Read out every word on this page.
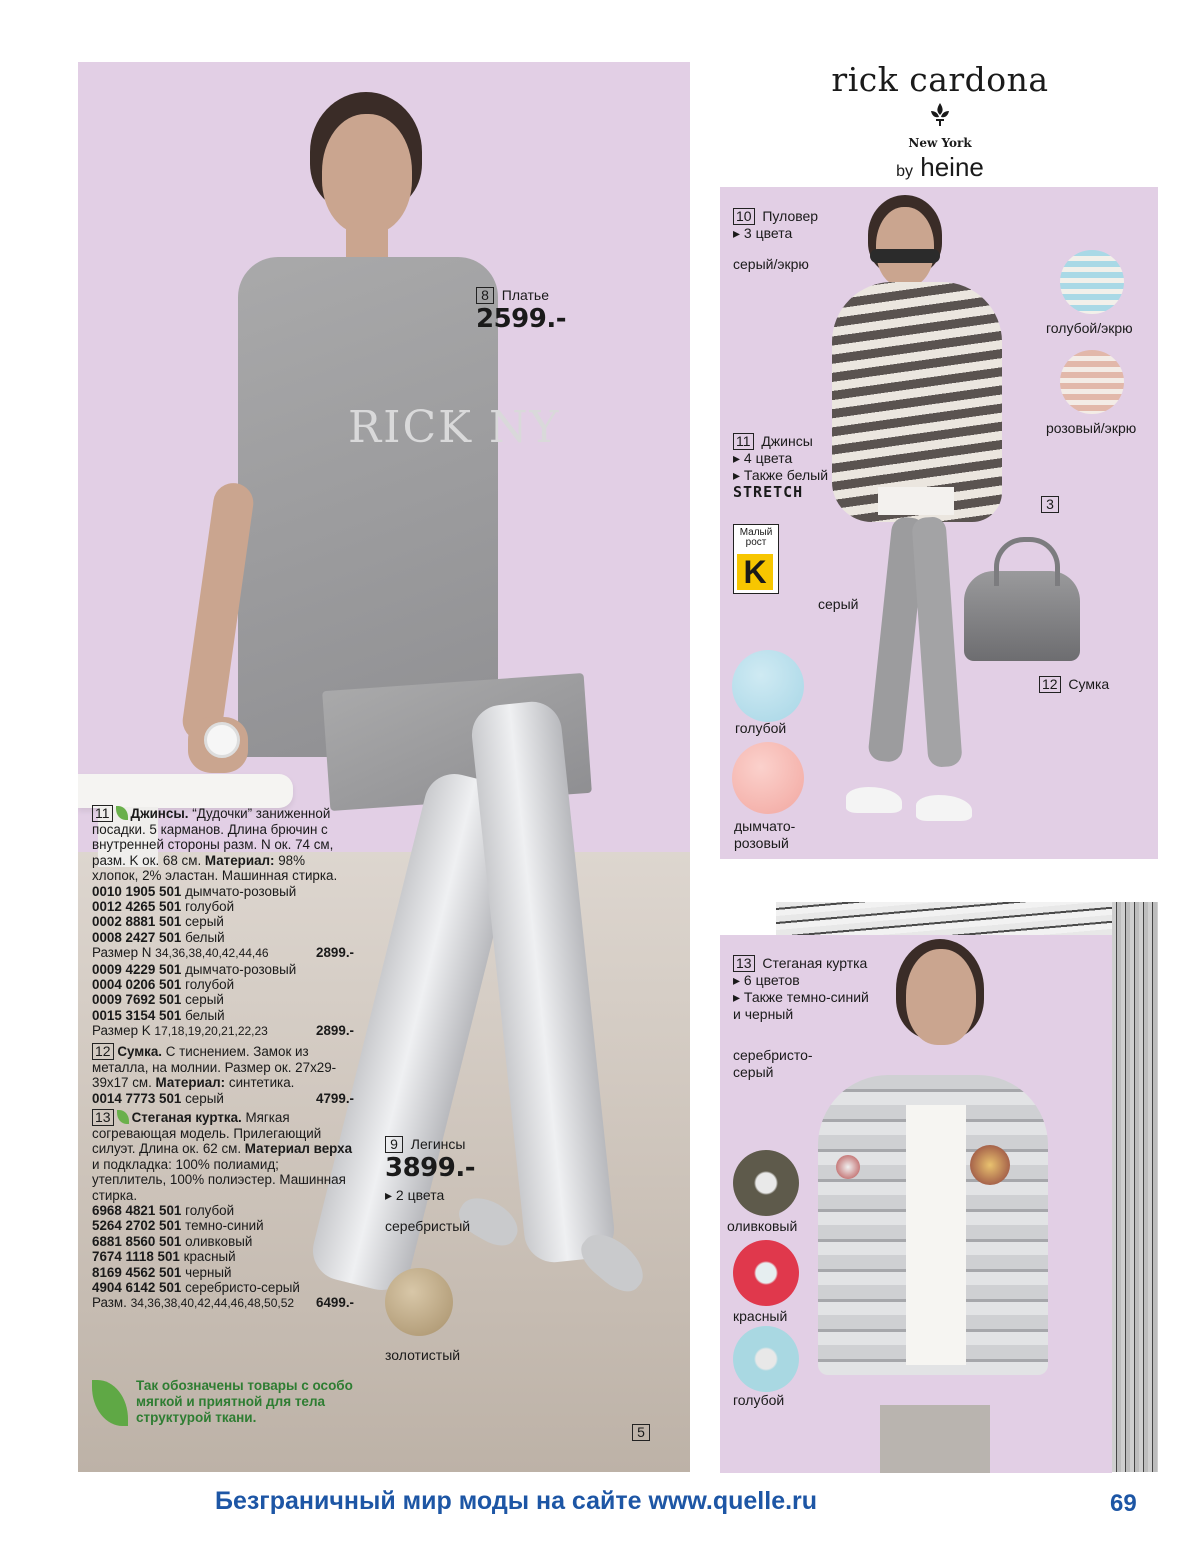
rick cardona
New York
by heine
RICK NY
8 Платье
2599.-
9 Легинсы
3899.-
▸ 2 цвета
серебристый
золотистый
5

11 Джинсы. “Дудочки” заниженной посадки. 5 карманов. Длина брючин с внутренней стороны разм. N ок. 74 см, разм. K ок. 68 см. Материал: 98% хлопок, 2% эластан. Машинная стирка.

0010 1905 501 дымчато-розовый

0012 4265 501 голубой

0002 8881 501 серый

0008 2427 501 белый

Размер N 34,36,38,40,42,44,46	2899.-

0009 4229 501 дымчато-розовый

0004 0206 501 голубой

0009 7692 501 серый

0015 3154 501 белый

Размер K 17,18,19,20,21,22,23	2899.-

12 Сумка. С тиснением. Замок из металла, на молнии. Размер ок. 27x29-39x17 см. Материал: синтетика.

0014 7773 501 серый	4799.-

13 Стеганая куртка. Мягкая согревающая модель. Прилегающий силуэт. Длина ок. 62 см. Материал верха и подкладка: 100% полиамид; утеплитель, 100% полиэстер. Машинная стирка.

6968 4821 501 голубой

5264 2702 501 темно-синий

6881 8560 501 оливковый

7674 1118 501 красный

8169 4562 501 черный

4904 6142 501 серебристо-серый

Разм. 34,36,38,40,42,44,46,48,50,52 6499.-
Так обозначены товары с особо мягкой и приятной для тела структурой ткани.
10 Пуловер
▸ 3 цвета
серый/экрю
голубой/экрю
розовый/экрю
11 Джинсы
▸ 4 цвета
▸ Также белый
STRETCH
Малый рост
K
серый
3
12 Сумка
голубой
дымчато-розовый
13 Стеганая куртка
▸ 6 цветов
▸ Также темно-синий и черный
серебристо-серый
оливковый
красный
голубой
Безграничный мир моды на сайте www.quelle.ru	69
